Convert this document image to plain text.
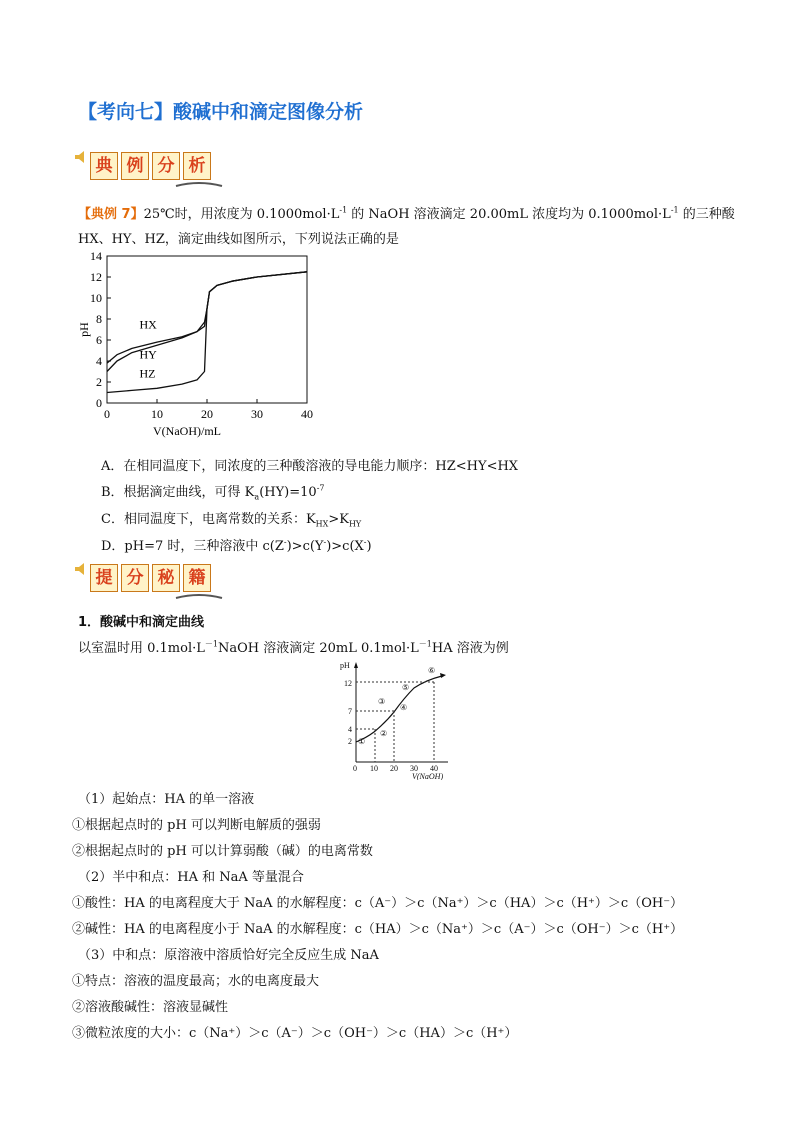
【考向七】酸碱中和滴定图像分析
典 例 分 析
【典例 7】25℃时，用浓度为 $0.1000mol\cdot L^{-1}$ 的 NaOH 溶液滴定 20.00mL 浓度均为 $0.1000mol\cdot L^{-1}$ 的三种酸
HX、HY、HZ，滴定曲线如图所示，下列说法正确的是
0
2
4
6
8
10
12
14
0	10	20	30	40
pH
V(NaOH)/mL
HX
HY
HZ
A．在相同温度下，同浓度的三种酸溶液的导电能力顺序：HZ<HY<HX
B．根据滴定曲线，可得 $K_a(HY)=10^{-7}$
C．相同温度下，电离常数的关系：$K_{HX}>K_{HY}$
D．pH=7 时，三种溶液中 c(Z-)>c(Y-)>c(X-)
提 分 秘 籍
1．酸碱中和滴定曲线
以室温时用 $0.1mol\cdot L^{-1}NaOH$ 溶液滴定 20mL $0.1mol\cdot L^{-1}HA$ 溶液为例
pH
12
7
4
2
0 10 20 30 40
V(NaOH)
①
②
③
④
⑤
⑥
（1）起始点：HA 的单一溶液
①根据起点时的 pH 可以判断电解质的强弱
②根据起点时的 pH 可以计算弱酸（碱）的电离常数
（2）半中和点：HA 和 NaA 等量混合
①酸性：HA 的电离程度大于 NaA 的水解程度：c（A⁻）＞c（Na⁺）＞c（HA）＞c（H⁺）＞c（OH⁻）
②碱性：HA 的电离程度小于 NaA 的水解程度：c（HA）＞c（Na⁺）＞c（A⁻）＞c（OH⁻）＞c（H⁺）
（3）中和点：原溶液中溶质恰好完全反应生成 NaA
①特点：溶液的温度最高；水的电离度最大
②溶液酸碱性：溶液显碱性
③微粒浓度的大小：c（Na⁺）＞c（A⁻）＞c（OH⁻）＞c（HA）＞c（H⁺）
